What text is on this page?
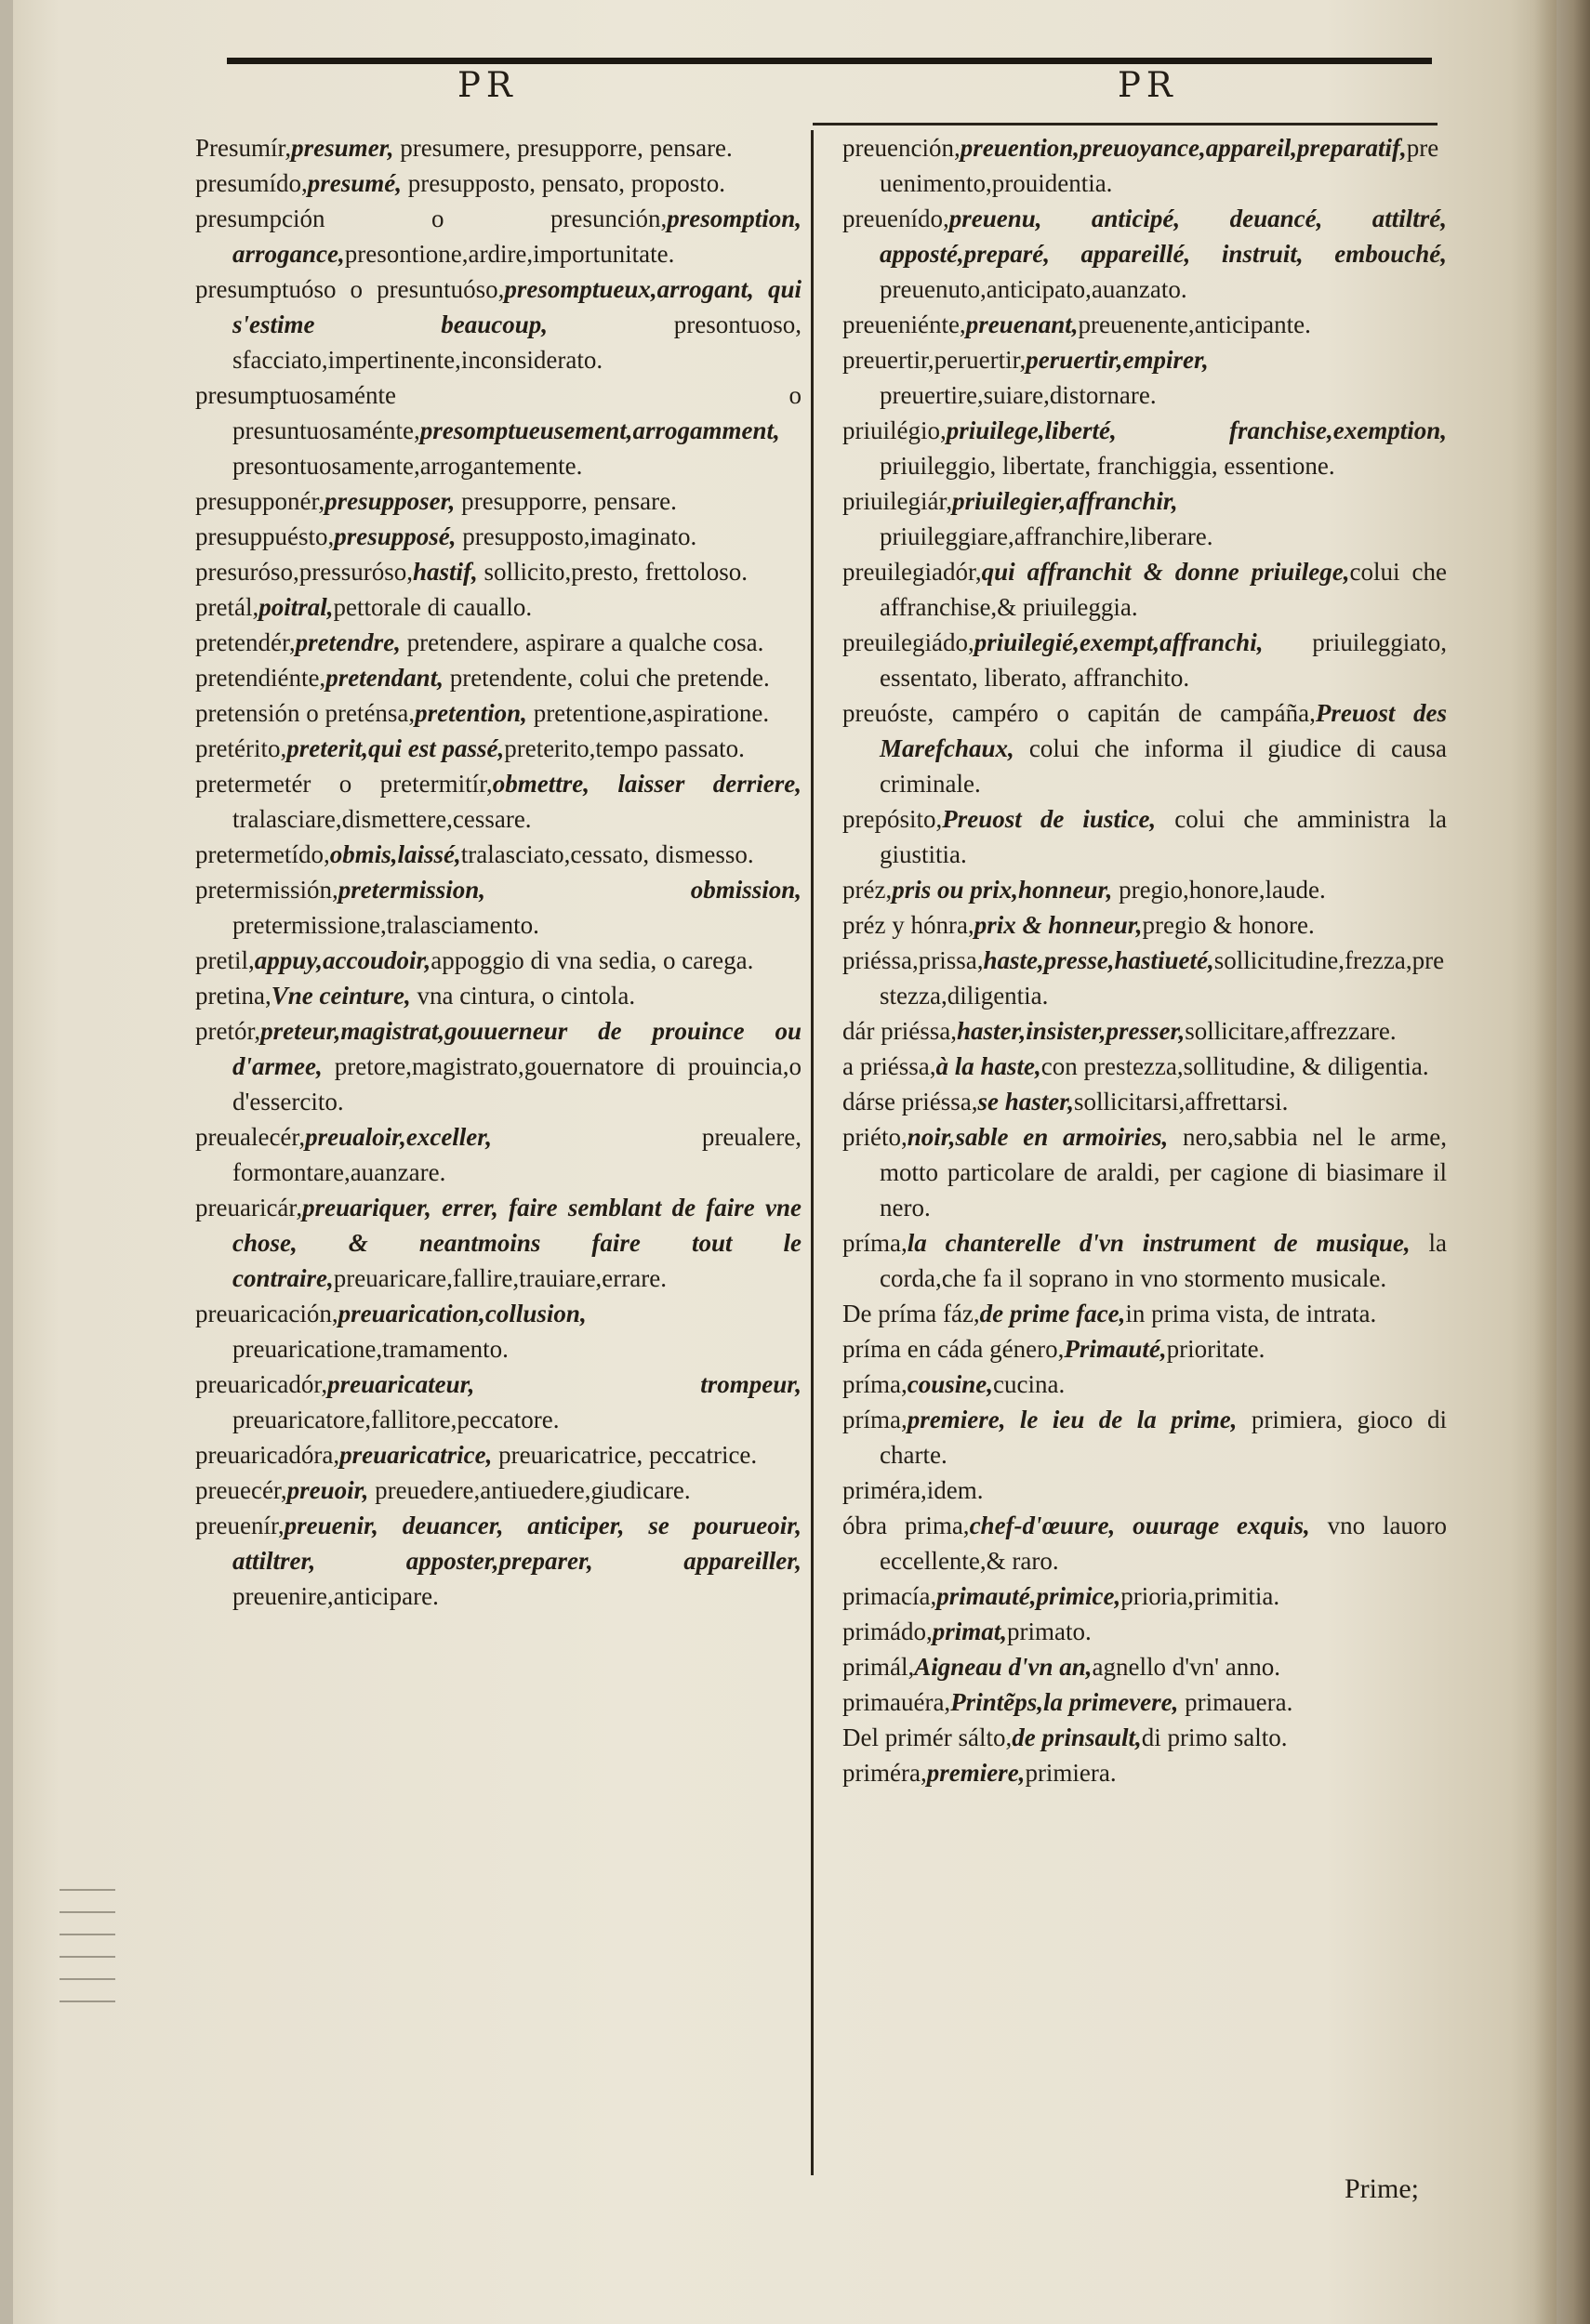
PR	PR

Presumír,presumer, presumere, presupporre, pensare.

presumído,presumé, presupposto, pensato, proposto.

presumpción o presunción,presomption, arrogance,presontione,ardire,importunitate.

presumptuóso o presuntuóso,presomptueux,arrogant, qui s'estime beaucoup, presontuoso, sfacciato,impertinente,inconsiderato.

presumptuosaménte o presuntuosaménte,presomptueusement,arrogamment, presontuosamente,arrogantemente.

presupponér,presupposer, presupporre, pensare.

presuppuésto,presupposé, presupposto,imaginato.

presuróso,pressuróso,hastif, sollicito,presto, frettoloso.

pretál,poitral,pettorale di cauallo.

pretendér,pretendre, pretendere, aspirare a qualche cosa.

pretendiénte,pretendant, pretendente, colui che pretende.

pretensión o preténsa,pretention, pretentione,aspiratione.

pretérito,preterit,qui est passé,preterito,tempo passato.

pretermetér o pretermitír,obmettre, laisser derriere, tralasciare,dismettere,cessare.

pretermetído,obmis,laissé,tralasciato,cessato, dismesso.

pretermissión,pretermission, obmission, pretermissione,tralasciamento.

pretil,appuy,accoudoir,appoggio di vna sedia, o carega.

pretina,Vne ceinture, vna cintura, o cintola.

pretór,preteur,magistrat,gouuerneur de prouince ou d'armee, pretore,magistrato,gouernatore di prouincia,o d'essercito.

preualecér,preualoir,exceller, preualere, formontare,auanzare.

preuaricár,preuariquer, errer, faire semblant de faire vne chose, & neantmoins faire tout le contraire,preuaricare,fallire,trauiare,errare.

preuaricación,preuarication,collusion, preuaricatione,tramamento.

preuaricadór,preuaricateur, trompeur, preuaricatore,fallitore,peccatore.

preuaricadóra,preuaricatrice, preuaricatrice, peccatrice.

preuecér,preuoir, preuedere,antiuedere,giudicare.

preuenír,preuenir, deuancer, anticiper, se pourueoir, attiltrer, apposter,preparer, appareiller, preuenire,anticipare.

preuención,preuention,preuoyance,appareil,preparatif,preuenimento,prouidentia.

preuenído,preuenu, anticipé, deuancé, attiltré, apposté,preparé, appareillé, instruit, embouché, preuenuto,anticipato,auanzato.

preueniénte,preuenant,preuenente,anticipante.

preuertir,peruertir,peruertir,empirer, preuertire,suiare,distornare.

priuilégio,priuilege,liberté, franchise,exemption, priuileggio, libertate, franchiggia, essentione.

priuilegiár,priuilegier,affranchir, priuileggiare,affranchire,liberare.

preuilegiadór,qui affranchit & donne priuilege,colui che affranchise,& priuileggia.

preuilegiádo,priuilegié,exempt,affranchi, priuileggiato, essentato, liberato, affranchito.

preuóste, campéro o capitán de campáña,Preuost des Marefchaux, colui che informa il giudice di causa criminale.

prepósito,Preuost de iustice, colui che amministra la giustitia.

préz,pris ou prix,honneur, pregio,honore,laude.

préz y hónra,prix & honneur,pregio & honore.

priéssa,prissa,haste,presse,hastiueté,sollicitudine,frezza,prestezza,diligentia.

dár priéssa,haster,insister,presser,sollicitare,affrezzare.

a priéssa,à la haste,con prestezza,sollitudine, & diligentia.

dárse priéssa,se haster,sollicitarsi,affrettarsi.

priéto,noir,sable en armoiries, nero,sabbia nel le arme, motto particolare de araldi, per cagione di biasimare il nero.

príma,la chanterelle d'vn instrument de musique, la corda,che fa il soprano in vno stormento musicale.

De príma fáz,de prime face,in prima vista, de intrata.

príma en cáda género,Primauté,prioritate.

príma,cousine,cucina.

príma,premiere, le ieu de la prime, primiera, gioco di charte.

priméra,idem.

óbra prima,chef-d'œuure, ouurage exquis, vno lauoro eccellente,& raro.

primacía,primauté,primice,prioria,primitia.

primádo,primat,primato.

primál,Aigneau d'vn an,agnello d'vn' anno.

primauéra,Printẽps,la primevere, primauera.

Del primér sálto,de prinsault,di primo salto.

priméra,premiere,primiera.

Prime;
